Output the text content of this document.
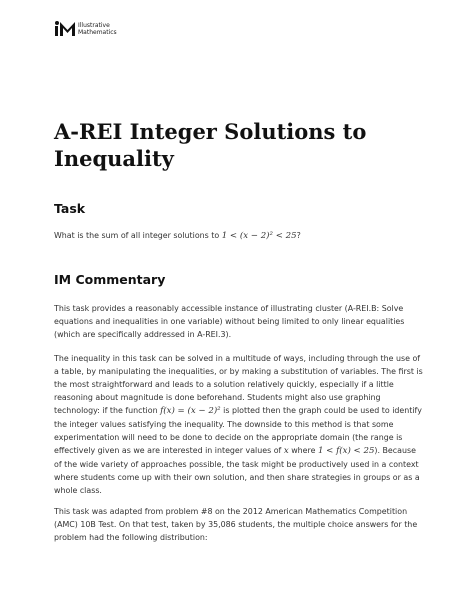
Illustrative
Mathematics
A-REI Integer Solutions to Inequality
Task

What is the sum of all integer solutions to 1 < (x − 2)² < 25?

IM Commentary

This task provides a reasonably accessible instance of illustrating cluster (A-REI.B: Solve equations and inequalities in one variable) without being limited to only linear equalities (which are specifically addressed in A-REI.3).

The inequality in this task can be solved in a multitude of ways, including through the use of a table, by manipulating the inequalities, or by making a substitution of variables. The first is the most straightforward and leads to a solution relatively quickly, especially if a little reasoning about magnitude is done beforehand. Students might also use graphing technology: if the function f(x) = (x − 2)² is plotted then the graph could be used to identify the integer values satisfying the inequality. The downside to this method is that some experimentation will need to be done to decide on the appropriate domain (the range is effectively given as we are interested in integer values of x where 1 < f(x) < 25). Because of the wide variety of approaches possible, the task might be productively used in a context where students come up with their own solution, and then share strategies in groups or as a whole class.

This task was adapted from problem #8 on the 2012 American Mathematics Competition (AMC) 10B Test. On that test, taken by 35,086 students, the multiple choice answers for the problem had the following distribution:
